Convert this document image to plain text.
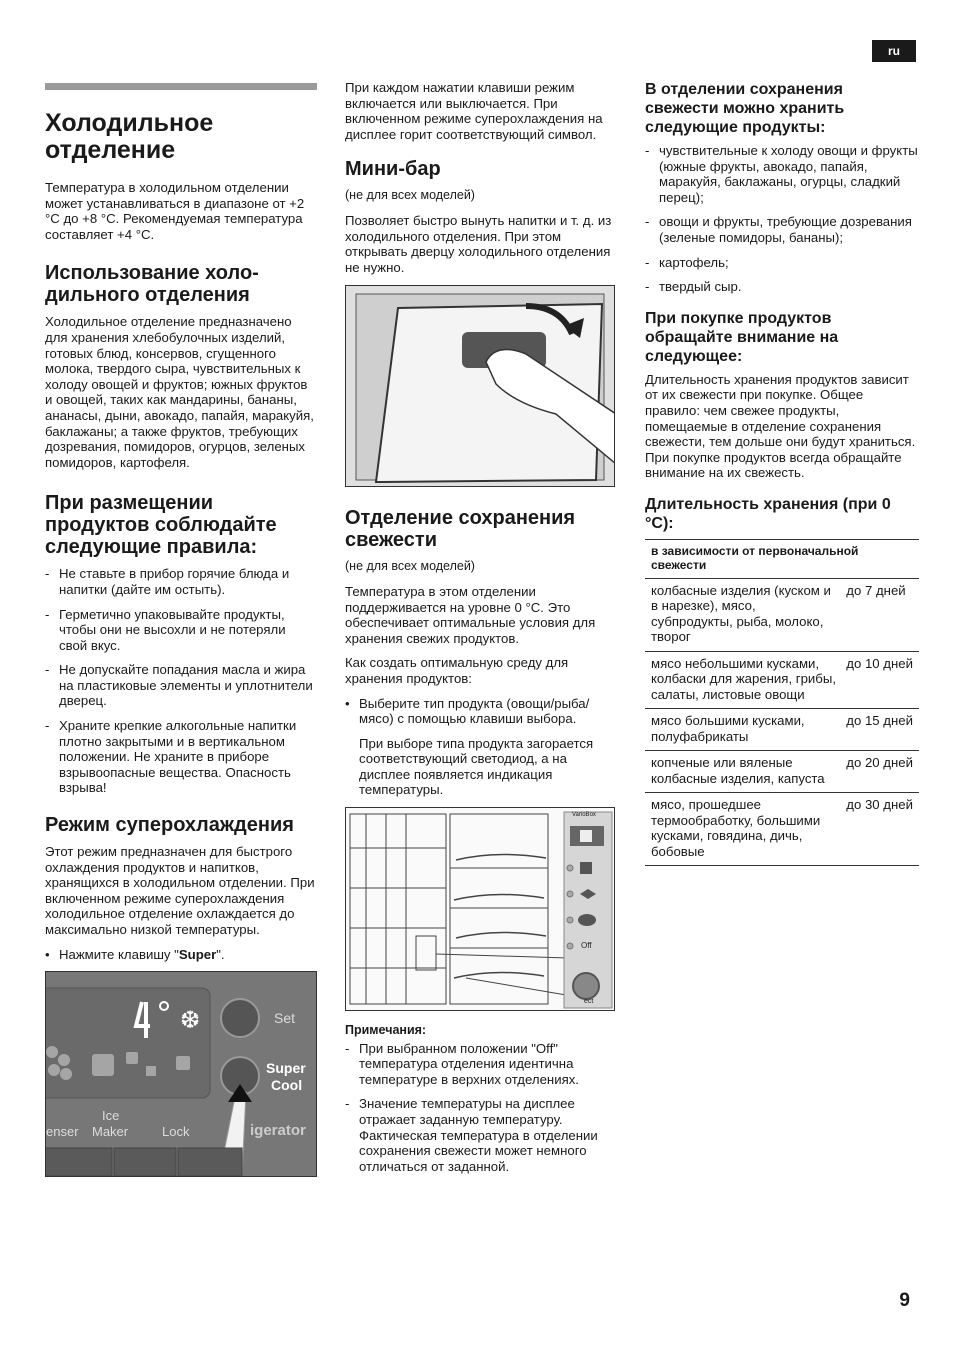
ru
Холодильное отделение

Температура в холодильном отделении может устанавливаться в диапазоне от +2 °C до +8 °C. Рекомендуемая температура составляет +4 °C.

Использование холо-дильного отделения

Холодильное отделение предназначено для хранения хлебобулочных изделий, готовых блюд, консервов, сгущенного молока, твердого сыра, чувствительных к холоду овощей и фруктов; южных фруктов и овощей, таких как мандарины, бананы, ананасы, дыни, авокадо, папайя, маракуйя, баклажаны; а также фруктов, требующих дозревания, помидоров, огурцов, зеленых помидоров, картофеля.

При размещении продуктов соблюдайте следующие правила:
- Не ставьте в прибор горячие блюда и напитки (дайте им остыть).
- Герметично упаковывайте продукты, чтобы они не высохли и не потеряли свой вкус.
- Не допускайте попадания масла и жира на пластиковые элементы и уплотнители дверец.
- Храните крепкие алкогольные напитки плотно закрытыми и в вертикальном положении. Не храните в приборе взрывоопасные вещества. Опасность взрыва!
Режим суперохлаждения

Этот режим предназначен для быстрого охлаждения продуктов и напитков, хранящихся в холодильном отделении. При включенном режиме суперохлаждения холодильное отделение охлаждается до максимально низкой температуры.

• Нажмите клавишу "Super".
❆	Set
Super
Cool
Ice
Maker	Lock
enser	igerator

При каждом нажатии клавиши режим включается или выключается. При включенном режиме суперохлаждения на дисплее горит соответствующий символ.

Мини-бар

(не для всех моделей)

Позволяет быстро вынуть напитки и т. д. из холодильного отделения. При этом открывать дверцу холодильного отделения не нужно.

Отделение сохранения свежести

(не для всех моделей)

Температура в этом отделении поддерживается на уровне 0 °C. Это обеспечивает оптимальные условия для хранения свежих продуктов.

Как создать оптимальную среду для хранения продуктов:

• Выберите тип продукта (овощи/рыба/мясо) с помощью клавиши выбора.

При выборе типа продукта загорается соответствующий светодиод, а на дисплее появляется индикация температуры.

VarioBox
Off
ect

Примечания:

- При выбранном положении "Off" температура отделения идентична температуре в верхних отделениях.
- Значение температуры на дисплее отражает заданную температуру. Фактическая температура в отделении сохранения свежести может немного отличаться от заданной.
В отделении сохранения свежести можно хранить следующие продукты:
- чувствительные к холоду овощи и фрукты (южные фрукты, авокадо, папайя, маракуйя, баклажаны, огурцы, сладкий перец);
- овощи и фрукты, требующие дозревания (зеленые помидоры, бананы);
- картофель;
- твердый сыр.
При покупке продуктов обращайте внимание на следующее:

Длительность хранения продуктов зависит от их свежести при покупке. Общее правило: чем свежее продукты, помещаемые в отделение сохранения свежести, тем дольше они будут храниться. При покупке продуктов всегда обращайте внимание на их свежесть.

Длительность хранения (при 0 °C):
в зависимости от первоначальной свежести	
колбасные изделия (куском и в нарезке), мясо, субпродукты, рыба, молоко, творог	до 7 дней
мясо небольшими кусками, колбаски для жарения, грибы, салаты, листовые овощи	до 10 дней
мясо большими кусками, полуфабрикаты	до 15 дней
копченые или вяленые колбасные изделия, капуста	до 20 дней
мясо, прошедшее термообработку, большими кусками, говядина, дичь, бобовые	до 30 дней
9
